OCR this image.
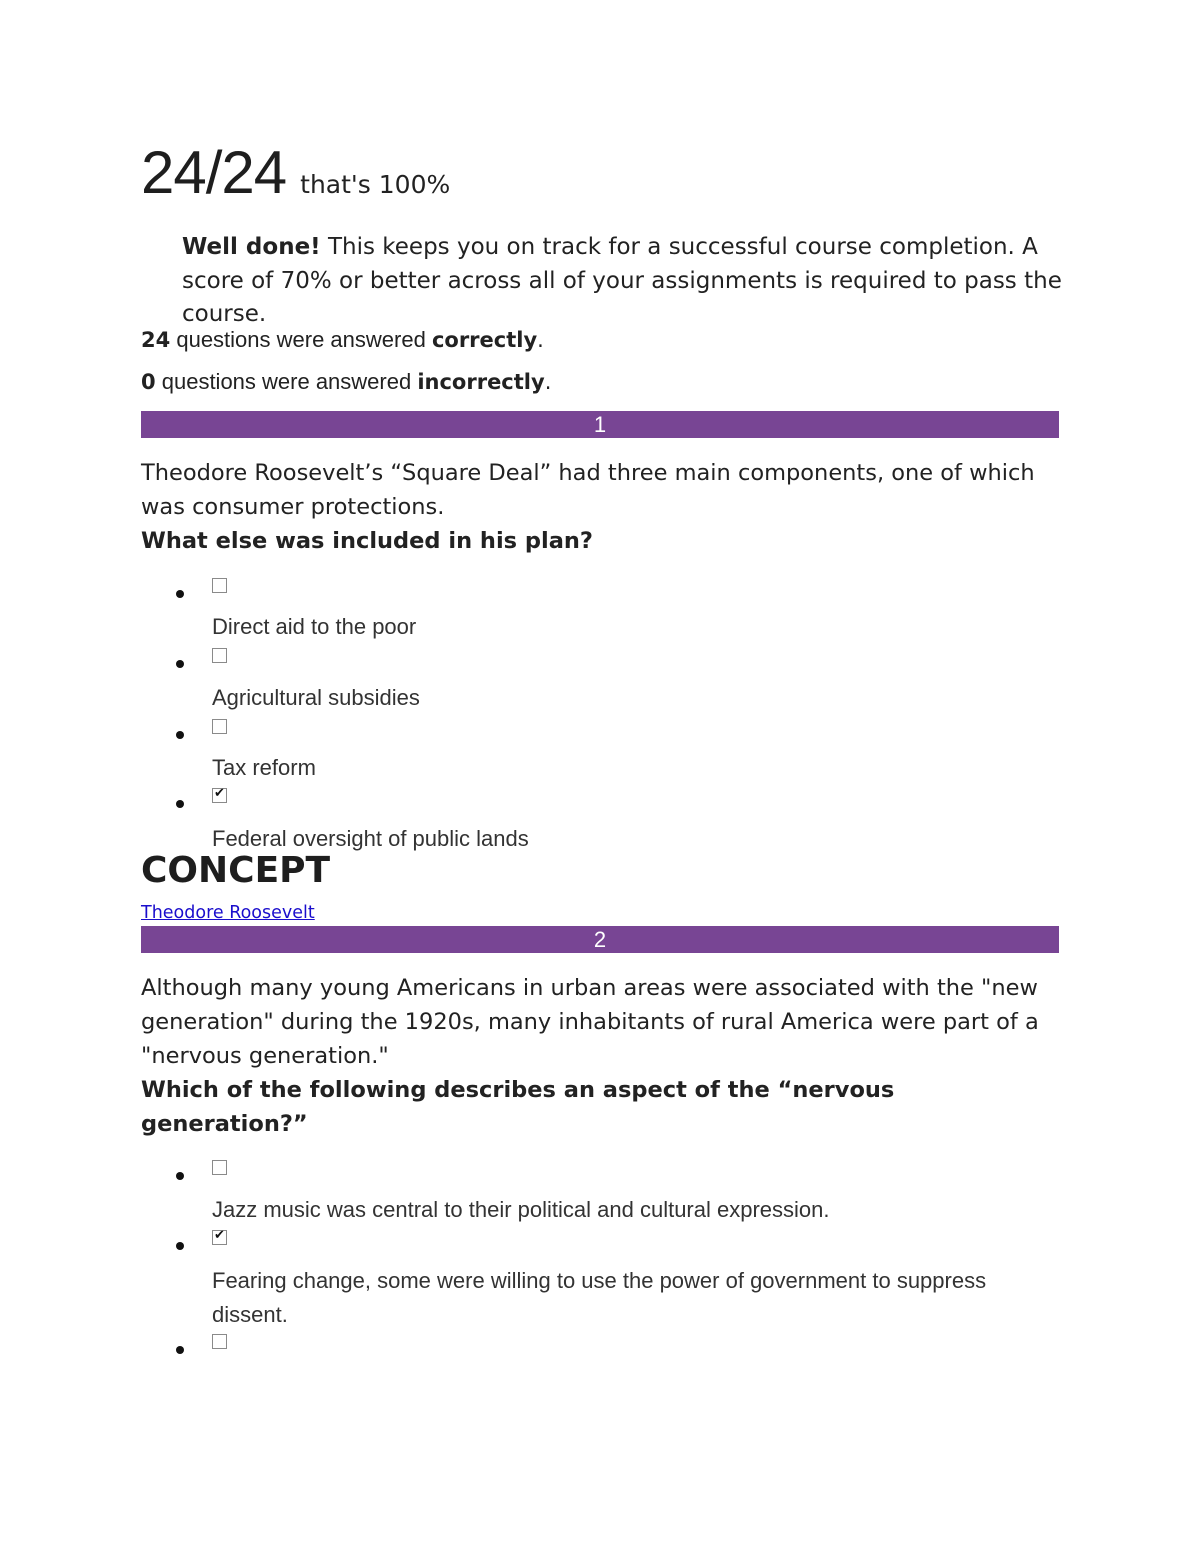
24/24 that's 100%
Well done! This keeps you on track for a successful course completion. A score of 70% or better across all of your assignments is required to pass the course.
24 questions were answered correctly.
0 questions were answered incorrectly.
1
Theodore Roosevelt’s “Square Deal” had three main components, one of which was consumer protections.
What else was included in his plan?
Direct aid to the poor
Agricultural subsidies
Tax reform
✔
Federal oversight of public lands
CONCEPT
Theodore Roosevelt
2
Although many young Americans in urban areas were associated with the "new generation" during the 1920s, many inhabitants of rural America were part of a "nervous generation."
Which of the following describes an aspect of the “nervous generation?”
Jazz music was central to their political and cultural expression.
✔
Fearing change, some were willing to use the power of government to suppress dissent.
